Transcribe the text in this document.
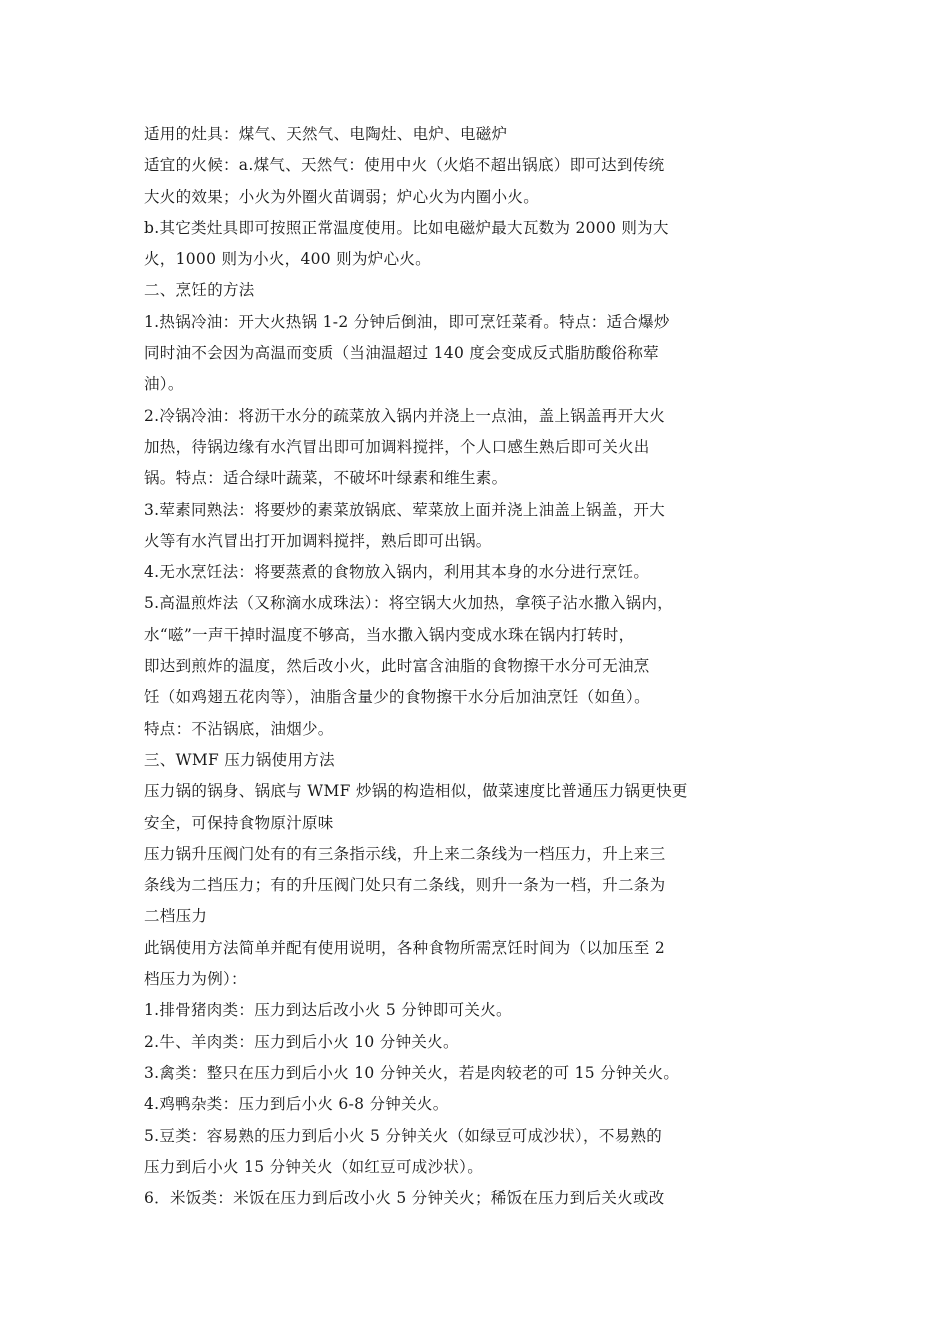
适用的灶具：煤气、天然气、电陶灶、电炉、电磁炉
适宜的火候：a.煤气、天然气：使用中火（火焰不超出锅底）即可达到传统
大火的效果；小火为外圈火苗调弱；炉心火为内圈小火。
b.其它类灶具即可按照正常温度使用。比如电磁炉最大瓦数为 2000 则为大
火，1000 则为小火，400 则为炉心火。
二、烹饪的方法
1.热锅冷油：开大火热锅 1-2 分钟后倒油，即可烹饪菜肴。特点：适合爆炒
同时油不会因为高温而变质（当油温超过 140 度会变成反式脂肪酸俗称荤
油）。
2.冷锅冷油：将沥干水分的疏菜放入锅内并浇上一点油，盖上锅盖再开大火
加热，待锅边缘有水汽冒出即可加调料搅拌，个人口感生熟后即可关火出
锅。特点：适合绿叶蔬菜，不破坏叶绿素和维生素。
3.荤素同熟法：将要炒的素菜放锅底、荤菜放上面并浇上油盖上锅盖，开大
火等有水汽冒出打开加调料搅拌，熟后即可出锅。
4.无水烹饪法：将要蒸煮的食物放入锅内，利用其本身的水分进行烹饪。
5.高温煎炸法（又称滴水成珠法）：将空锅大火加热，拿筷子沾水撒入锅内，
水“嗞”一声干掉时温度不够高，当水撒入锅内变成水珠在锅内打转时，
即达到煎炸的温度，然后改小火，此时富含油脂的食物擦干水分可无油烹
饪（如鸡翅五花肉等），油脂含量少的食物擦干水分后加油烹饪（如鱼）。
特点：不沾锅底，油烟少。
三、WMF 压力锅使用方法
压力锅的锅身、锅底与 WMF 炒锅的构造相似，做菜速度比普通压力锅更快更
安全，可保持食物原汁原味
压力锅升压阀门处有的有三条指示线，升上来二条线为一档压力，升上来三
条线为二挡压力；有的升压阀门处只有二条线，则升一条为一档，升二条为
二档压力
此锅使用方法简单并配有使用说明，各种食物所需烹饪时间为（以加压至 2
档压力为例）：
1.排骨猪肉类：压力到达后改小火 5 分钟即可关火。
2.牛、羊肉类：压力到后小火 10 分钟关火。
3.禽类：整只在压力到后小火 10 分钟关火，若是肉较老的可 15 分钟关火。
4.鸡鸭杂类：压力到后小火 6-8 分钟关火。
5.豆类：容易熟的压力到后小火 5 分钟关火（如绿豆可成沙状），不易熟的
压力到后小火 15 分钟关火（如红豆可成沙状）。
6．米饭类：米饭在压力到后改小火 5 分钟关火；稀饭在压力到后关火或改
